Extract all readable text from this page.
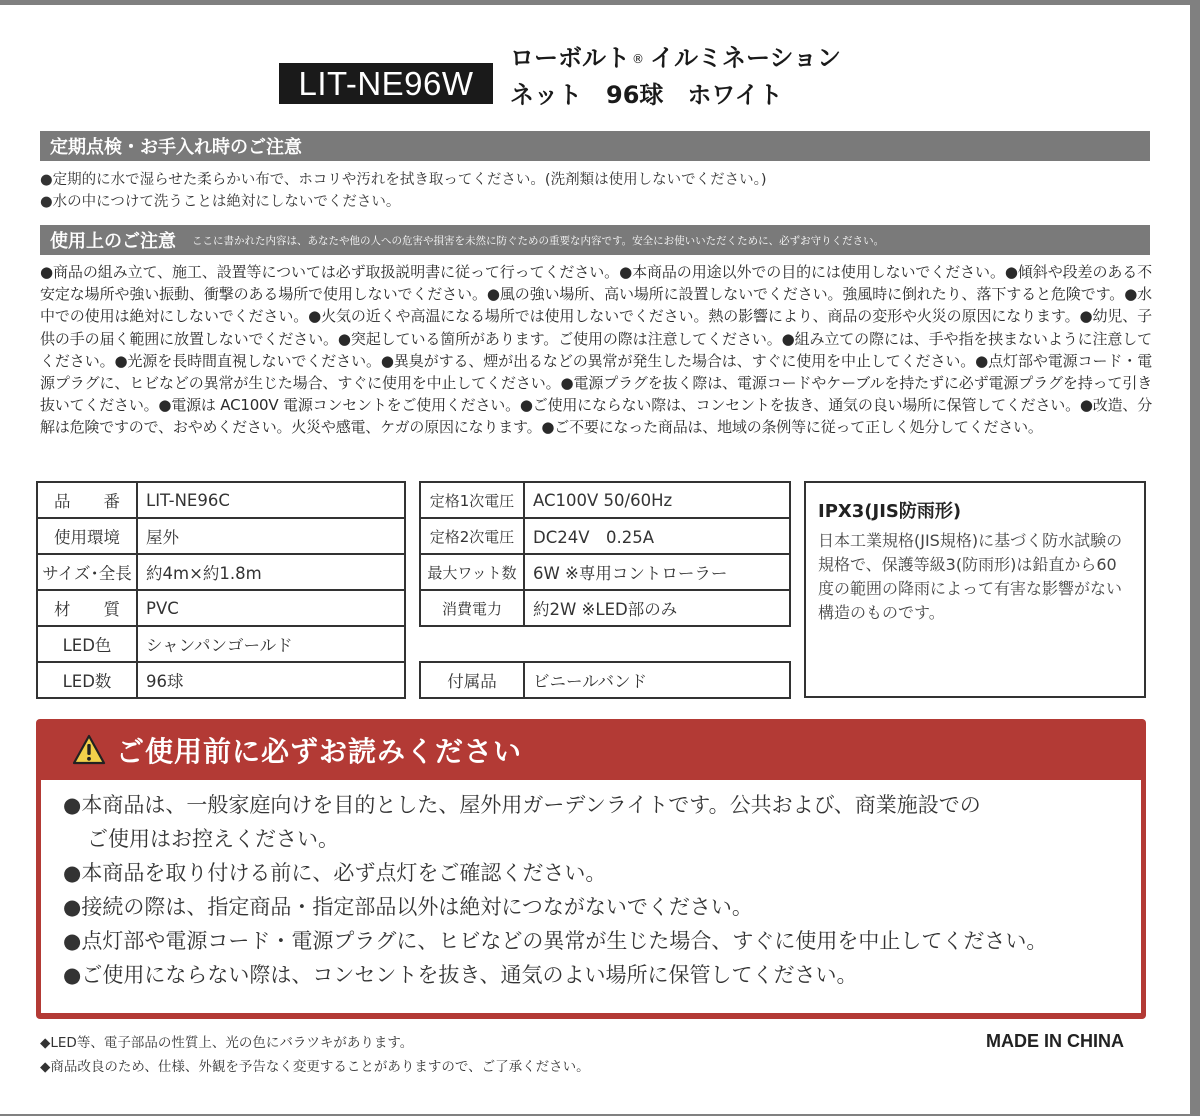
LIT-NE96W
ローボルト ® イルミネーション
ネット　96球　ホワイト
定期点検・お手入れ時のご注意
●定期的に水で湿らせた柔らかい布で、ホコリや汚れを拭き取ってください。(洗剤類は使用しないでください。)
●水の中につけて洗うことは絶対にしないでください。
使用上のご注意 ここに書かれた内容は、あなたや他の人への危害や損害を未然に防ぐための重要な内容です。安全にお使いいただくために、必ずお守りください。
●商品の組み立て、施工、設置等については必ず取扱説明書に従って行ってください。●本商品の用途以外での目的には使用しないでください。●傾斜や段差のある不安定な場所や強い振動、衝撃のある場所で使用しないでください。●風の強い場所、高い場所に設置しないでください。強風時に倒れたり、落下すると危険です。●水中での使用は絶対にしないでください。●火気の近くや高温になる場所では使用しないでください。熱の影響により、商品の変形や火災の原因になります。●幼児、子供の手の届く範囲に放置しないでください。●突起している箇所があります。ご使用の際は注意してください。●組み立ての際には、手や指を挟まないように注意してください。●光源を長時間直視しないでください。●異臭がする、煙が出るなどの異常が発生した場合は、すぐに使用を中止してください。●点灯部や電源コード・電源プラグに、ヒビなどの異常が生じた場合、すぐに使用を中止してください。●電源プラグを抜く際は、電源コードやケーブルを持たずに必ず電源プラグを持って引き抜いてください。●電源は AC100V 電源コンセントをご使用ください。●ご使用にならない際は、コンセントを抜き、通気の良い場所に保管してください。●改造、分解は危険ですので、おやめください。火災や感電、ケガの原因になります。●ご不要になった商品は、地域の条例等に従って正しく処分してください。
品　　番	LIT-NE96C
使用環境	屋外
サイズ･全長	約4m×約1.8m
材　　質	PVC
LED色	シャンパンゴールド
LED数	96球
定格1次電圧	AC100V 50/60Hz
定格2次電圧	DC24V　0.25A
最大ワット数	6W ※専用コントローラー
消費電力	約2W ※LED部のみ
付属品	ビニールバンド
IPX3(JIS防雨形)
日本工業規格(JIS規格)に基づく防水試験の規格で、保護等級3(防雨形)は鉛直から60度の範囲の降雨によって有害な影響がない構造のものです。
ご使用前に必ずお読みください
●本商品は、一般家庭向けを目的とした、屋外用ガーデンライトです。公共および、商業施設での
ご使用はお控えください。
●本商品を取り付ける前に、必ず点灯をご確認ください。
●接続の際は、指定商品・指定部品以外は絶対につながないでください。
●点灯部や電源コード・電源プラグに、ヒビなどの異常が生じた場合、すぐに使用を中止してください。
●ご使用にならない際は、コンセントを抜き、通気のよい場所に保管してください。
◆LED等、電子部品の性質上、光の色にバラツキがあります。
◆商品改良のため、仕様、外観を予告なく変更することがありますので、ご了承ください。
MADE IN CHINA
